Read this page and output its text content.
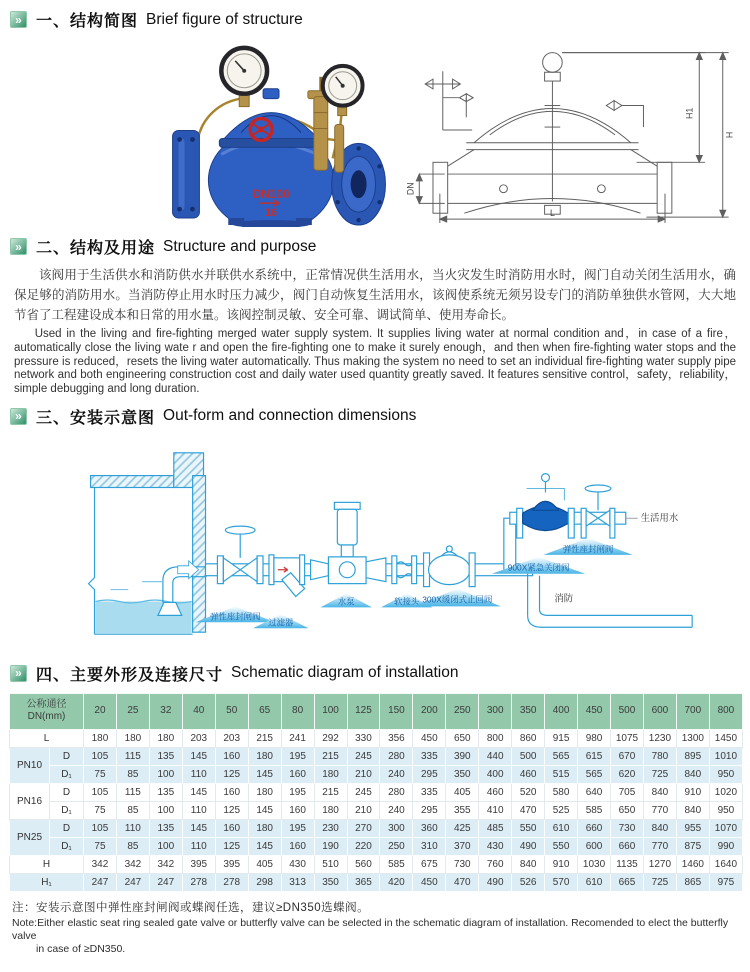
» 一、结构简图 Brief figure of structure
DN100
16
H1
H
L
DN
» 二、结构及用途 Structure and purpose

该阀用于生活供水和消防供水并联供水系统中，正常情况供生活用水，当火灾发生时消防用水时，阀门自动关闭生活用水，确保足够的消防用水。当消防停止用水时压力减少，阀门自动恢复生活用水，该阀使系统无须另设专门的消防单独供水管网，大大地节省了工程建设成本和日常的用水量。该阀控制灵敏、安全可靠、调试简单、使用寿命长。

Used in the living and fire-fighting merged water supply system. It supplies living water at normal condition and，in case of a fire，automatically close the living wate r and open the fire-fighting one to make it surely enough，and then when fire-fighting water stops and the pressure is reduced，resets the living water automatically. Thus making the system no need to set an individual fire-fighting water supply pipe network and both engineering construction cost and daily water used quantity greatly saved. It features sensitive control，safety，reliability，simple debugging and long duration.

» 三、安装示意图 Out-form and connection dimensions
弹性座封闸阀
900X紧急关闭阀
弹性座封闸阀
过滤器
水泵	软接头 300X缓闭式止回阀
生活用水
消防
» 四、主要外形及连接尺寸 Schematic diagram of installation
公称通径
DN(mm)		20	25	32	40	50	65	80	100	125	150	200	250	300	350	400	450	500	600	700	800
L		180	180	180	203	203	215	241	292	330	356	450	650	800	860	915	980	1075	1230	1300	1450
PN10	D	105	115	135	145	160	180	195	215	245	280	335	390	440	500	565	615	670	780	895	1010
	D₁	75	85	100	110	125	145	160	180	210	240	295	350	400	460	515	565	620	725	840	950
PN16	D	105	115	135	145	160	180	195	215	245	280	335	405	460	520	580	640	705	840	910	1020
	D₁	75	85	100	110	125	145	160	180	210	240	295	355	410	470	525	585	650	770	840	950
PN25	D	105	110	135	145	160	180	195	230	270	300	360	425	485	550	610	660	730	840	955	1070
	D₁	75	85	100	110	125	145	160	190	220	250	310	370	430	490	550	600	660	770	875	990
H		342	342	342	395	395	405	430	510	560	585	675	730	760	840	910	1030	1135	1270	1460	1640
H₁		247	247	247	278	278	298	313	350	365	420	450	470	490	526	570	610	665	725	865	975
注：安装示意图中弹性座封闸阀或蝶阀任选，建议≥DN350选蝶阀。
Note:Either elastic seat ring sealed gate valve or butterfly valve can be selected in the schematic diagram of installation. Recomended to elect the butterfly valve
in case of ≥DN350.
